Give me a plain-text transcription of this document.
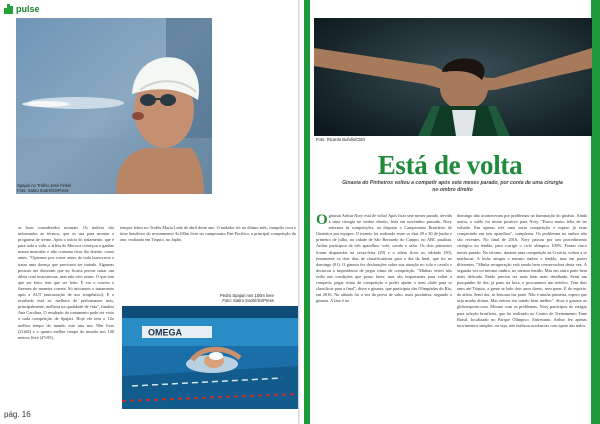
pulse
Spajari no Troféu José Finkel
Foto: Satiro Sodré/SSPress

as boas considerados normais. Os índices são informados ao técnico, que os usa para montar o programa de treino. Após o início do tratamento, que é para toda a vida, o atleta de Mococa começou a ganhar massa muscular e não costuma ficar tão doente, como antes. "Opiamos por correr antes de toda burocracia e tratar uma doença que precisava ser tratada. Algumas pessoas me disseram que eu ficaria provar tratar um átleta com testosterona, mas não veio assim. O que tem que ser feito, tem que ser feito. E era o correto e fizemos de maneira correta. Só iniciamos o tratamento após a AUT (autorização de uso terapêutico). E o resultado está aí: melhora de performance mas, principalmente, melhora na qualidade de vida", finaliza Ana Carolina. O resultado do tratamento pode ser visto a cada competição de Spajari. Hoje ele tem o 12o melhor tempo do mundo este ano nos 50m livre (21s82) e o quarto melhor tempo do mundo nos 100 metros livre (47s95),

tempos feitos no Troféu Maria Lenk de abril deste ano. O nadador foi no último mês, campeão com o time brasileiro do revezamento 4x100m livre no campeonato Pan Pacífico, a principal competição do ano, realizada em Tóquio, no Japão.

Pedro Spajari nos 100m livre
Foto: Satiro Sodré/SSPress
OMEGA
pág. 16
Foto: Ricardo Bufolin/CBG
Está de volta
Ginasta do Pinheiros voltou a competir após sete meses parado, por conta de uma cirurgia no ombro direito

Oginasta Arthur Nory está de volta! Após ficar sete meses parado, devido a uma cirurgia no ombro direito, feita em novembro passado, Nory retornou às competições, ao disputar o Campeonato Brasileiro de Ginástica por equipes. O torneio foi realizado entre os dias 29 e 30 de junho e primeiro de julho, na cidade de São Bernardo do Campo, no ABC paulista. Arthur participou de três aparelhos: solo, cavalo e salto. Os dois primeiros foram disputados na sexta-feira (29) e o atleta ficou no tablado (50), justamente os dois dias de classificatórias para o dia da final, que foi no domingo (01). O ginasta fez declarações sobre sua atuação no solo e cavalo e destacou a importância de pegar ritmo de competição. "Minhas séries não estão nas condições que posso fazer, mas são importantes para voltar a competir, pegar ritmo de competição e poder ajudar o meu clube para se classificar para a final", disse o ginasta, que participou das Olimpíadas do Rio, em 2016. No sábado foi a vez da prova de salto, mais produtiva, segundo o ginasta. A fase é no

domingo não aconteceram por problemas na iluminação do ginásio. Ainda assim, o saldo foi muito positivo para Nory. "Estou muito feliz de ter voltado. Em apenas três uma outra competição e espero já estar competindo em seis aparelhos", completou. Os problemas no ombro não são recentes. No final de 2016, Nory passou por um procedimento cirúrgico no tendão, para corrigir o ciclo olímpico 100%. Foram cinco meses parado. No retorno, durante uma competição na Croácia, voltou a se machucar. A lesão atingiu o mesmo ombro e tendão, mas em partes diferentes. "Minha recuperação está sendo bem conservadora desta vez. A segunda vez no mesmo ombro, no mesmo tendão. Mas em outra parte bem mais delicada. Então precisa ser mais bem mais detalhada. Sentí um pouquinho de dor, já pano na hora, e procuramos um médico. Tem dois anos até Tóquio, a gente se lado dois anos direto, sem parar. É do esporte, do atleta. Sentí dor, se lesionar faz parte. Não é minha primeira, espero que seja minha última. Mas entrou em saindo bem melhor", disse o ginasta ao globoesporte.com. Mesmo com os problemas, Nory participou do estágio para seleção brasileira, que foi realizado no Centro de Treinamento Time Brasil, localizado no Parque Olímpico. Entretanto, Arthur fez apenas movimentos simples, ou seja, não realizou acrobacias com apoio das mãos.
